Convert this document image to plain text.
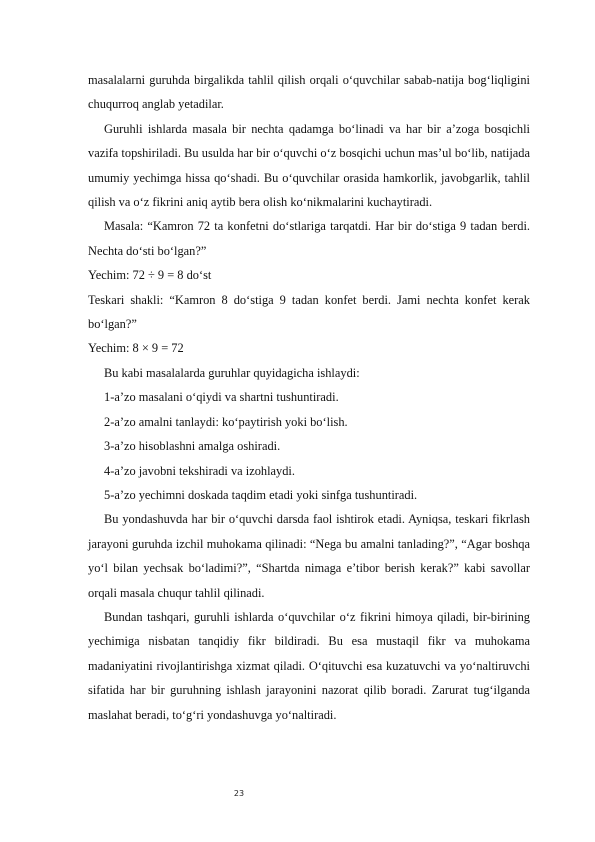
masalalarni guruhda birgalikda tahlil qilish orqali o‘quvchilar sabab-natija bog‘liqligini chuqurroq anglab yetadilar.

Guruhli ishlarda masala bir nechta qadamga bo‘linadi va har bir a’zoga bosqichli vazifa topshiriladi. Bu usulda har bir o‘quvchi o‘z bosqichi uchun mas’ul bo‘lib, natijada umumiy yechimga hissa qo‘shadi. Bu o‘quvchilar orasida hamkorlik, javobgarlik, tahlil qilish va o‘z fikrini aniq aytib bera olish ko‘nikmalarini kuchaytiradi.

Masala: “Kamron 72 ta konfetni do‘stlariga tarqatdi. Har bir do‘stiga 9 tadan berdi. Nechta do‘sti bo‘lgan?”

Yechim: 72 ÷ 9 = 8 do‘st

Teskari shakli: “Kamron 8 do‘stiga 9 tadan konfet berdi. Jami nechta konfet kerak bo‘lgan?”

Yechim: 8 × 9 = 72

Bu kabi masalalarda guruhlar quyidagicha ishlaydi:

1-a’zo masalani o‘qiydi va shartni tushuntiradi.

2-a’zo amalni tanlaydi: ko‘paytirish yoki bo‘lish.

3-a’zo hisoblashni amalga oshiradi.

4-a’zo javobni tekshiradi va izohlaydi.

5-a’zo yechimni doskada taqdim etadi yoki sinfga tushuntiradi.

Bu yondashuvda har bir o‘quvchi darsda faol ishtirok etadi. Ayniqsa, teskari fikrlash jarayoni guruhda izchil muhokama qilinadi: “Nega bu amalni tanlading?”, “Agar boshqa yo‘l bilan yechsak bo‘ladimi?”, “Shartda nimaga e’tibor berish kerak?” kabi savollar orqali masala chuqur tahlil qilinadi.

Bundan tashqari, guruhli ishlarda o‘quvchilar o‘z fikrini himoya qiladi, bir-birining yechimiga nisbatan tanqidiy fikr bildiradi. Bu esa mustaqil fikr va muhokama madaniyatini rivojlantirishga xizmat qiladi. O‘qituvchi esa kuzatuvchi va yo‘naltiruvchi sifatida har bir guruhning ishlash jarayonini nazorat qilib boradi. Zarurat tug‘ilganda maslahat beradi, to‘g‘ri yondashuvga yo‘naltiradi.

23
